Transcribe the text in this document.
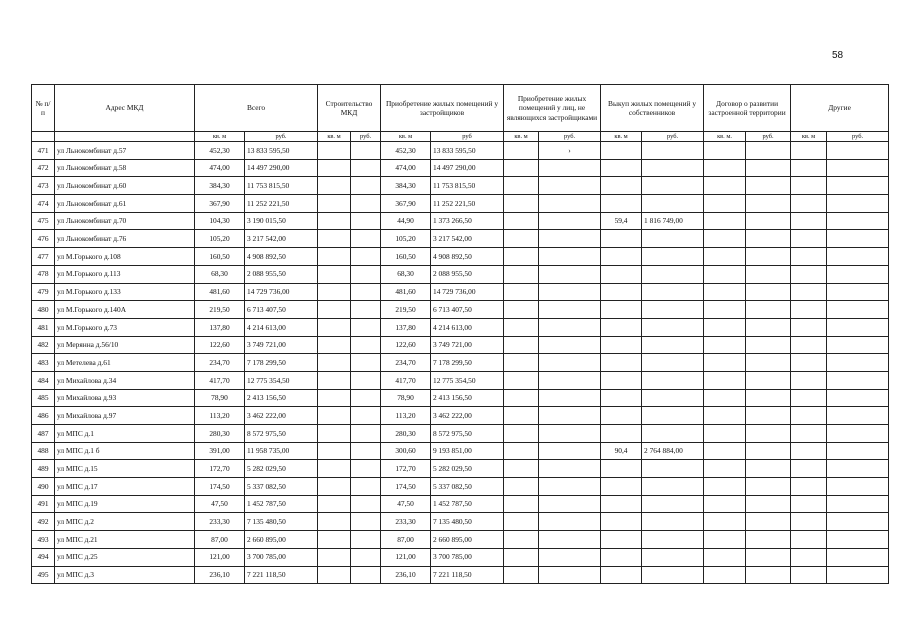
58
№ п/п	Адрес МКД	Всего		Строительство МКД		Приобретение жилых помещений у застройщиков		Приобретение жилых помещений у лиц, не являющихся застройщиками		Выкуп жилых помещений у собственников		Договор о развитии застроенной территории		Другие	
		кв. м	руб.	кв. м	руб.	кв. м	руб	кв. м	руб.	кв. м	руб.	кв. м.	руб.	кв. м	руб.
471	ул Льнокомбинат д.57	452,30	13 833 595,50			452,30	13 833 595,50		›						
472	ул Льнокомбинат д.58	474,00	14 497 290,00			474,00	14 497 290,00								
473	ул Льнокомбинат д.60	384,30	11 753 815,50			384,30	11 753 815,50								
474	ул Льнокомбинат д.61	367,90	11 252 221,50			367,90	11 252 221,50								
475	ул Льнокомбинат д.70	104,30	3 190 015,50			44,90	1 373 266,50			59,4	1 816 749,00				
476	ул Льнокомбинат д.76	105,20	3 217 542,00			105,20	3 217 542,00								
477	ул М.Горького д.108	160,50	4 908 892,50			160,50	4 908 892,50								
478	ул М.Горького д.113	68,30	2 088 955,50			68,30	2 088 955,50								
479	ул М.Горького д.133	481,60	14 729 736,00			481,60	14 729 736,00								
480	ул М.Горького д.140А	219,50	6 713 407,50			219,50	6 713 407,50								
481	ул М.Горького д.73	137,80	4 214 613,00			137,80	4 214 613,00								
482	ул Мерянна д.56/10	122,60	3 749 721,00			122,60	3 749 721,00								
483	ул Метелева д.61	234,70	7 178 299,50			234,70	7 178 299,50								
484	ул Михайлова д.34	417,70	12 775 354,50			417,70	12 775 354,50								
485	ул Михайлова д.93	78,90	2 413 156,50			78,90	2 413 156,50								
486	ул Михайлова д.97	113,20	3 462 222,00			113,20	3 462 222,00								
487	ул МПС д.1	280,30	8 572 975,50			280,30	8 572 975,50								
488	ул МПС д.1 б	391,00	11 958 735,00			300,60	9 193 851,00			90,4	2 764 884,00				
489	ул МПС д.15	172,70	5 282 029,50			172,70	5 282 029,50								
490	ул МПС д.17	174,50	5 337 082,50			174,50	5 337 082,50								
491	ул МПС д.19	47,50	1 452 787,50			47,50	1 452 787,50								
492	ул МПС д.2	233,30	7 135 480,50			233,30	7 135 480,50								
493	ул МПС д.21	87,00	2 660 895,00			87,00	2 660 895,00								
494	ул МПС д.25	121,00	3 700 785,00			121,00	3 700 785,00								
495	ул МПС д.3	236,10	7 221 118,50			236,10	7 221 118,50								
